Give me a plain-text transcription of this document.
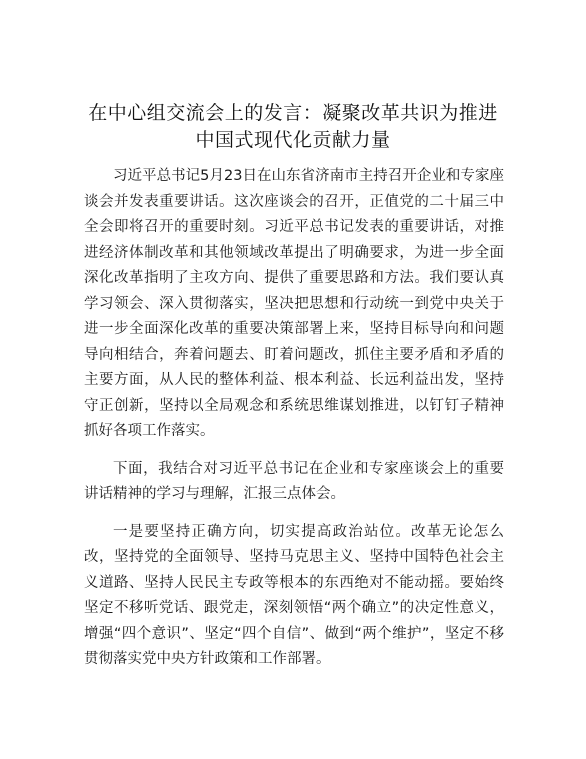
在中心组交流会上的发言：凝聚改革共识为推进中国式现代化贡献力量

习近平总书记5月23日在山东省济南市主持召开企业和专家座谈会并发表重要讲话。这次座谈会的召开，正值党的二十届三中全会即将召开的重要时刻。习近平总书记发表的重要讲话，对推进经济体制改革和其他领域改革提出了明确要求，为进一步全面深化改革指明了主攻方向、提供了重要思路和方法。我们要认真学习领会、深入贯彻落实，坚决把思想和行动统一到党中央关于进一步全面深化改革的重要决策部署上来，坚持目标导向和问题导向相结合，奔着问题去、盯着问题改，抓住主要矛盾和矛盾的主要方面，从人民的整体利益、根本利益、长远利益出发，坚持守正创新，坚持以全局观念和系统思维谋划推进，以钉钉子精神抓好各项工作落实。

下面，我结合对习近平总书记在企业和专家座谈会上的重要讲话精神的学习与理解，汇报三点体会。

一是要坚持正确方向，切实提高政治站位。改革无论怎么改，坚持党的全面领导、坚持马克思主义、坚持中国特色社会主义道路、坚持人民民主专政等根本的东西绝对不能动摇。要始终坚定不移听党话、跟党走，深刻领悟“两个确立”的决定性意义，增强“四个意识”、坚定“四个自信”、做到“两个维护”，坚定不移贯彻落实党中央方针政策和工作部署。
